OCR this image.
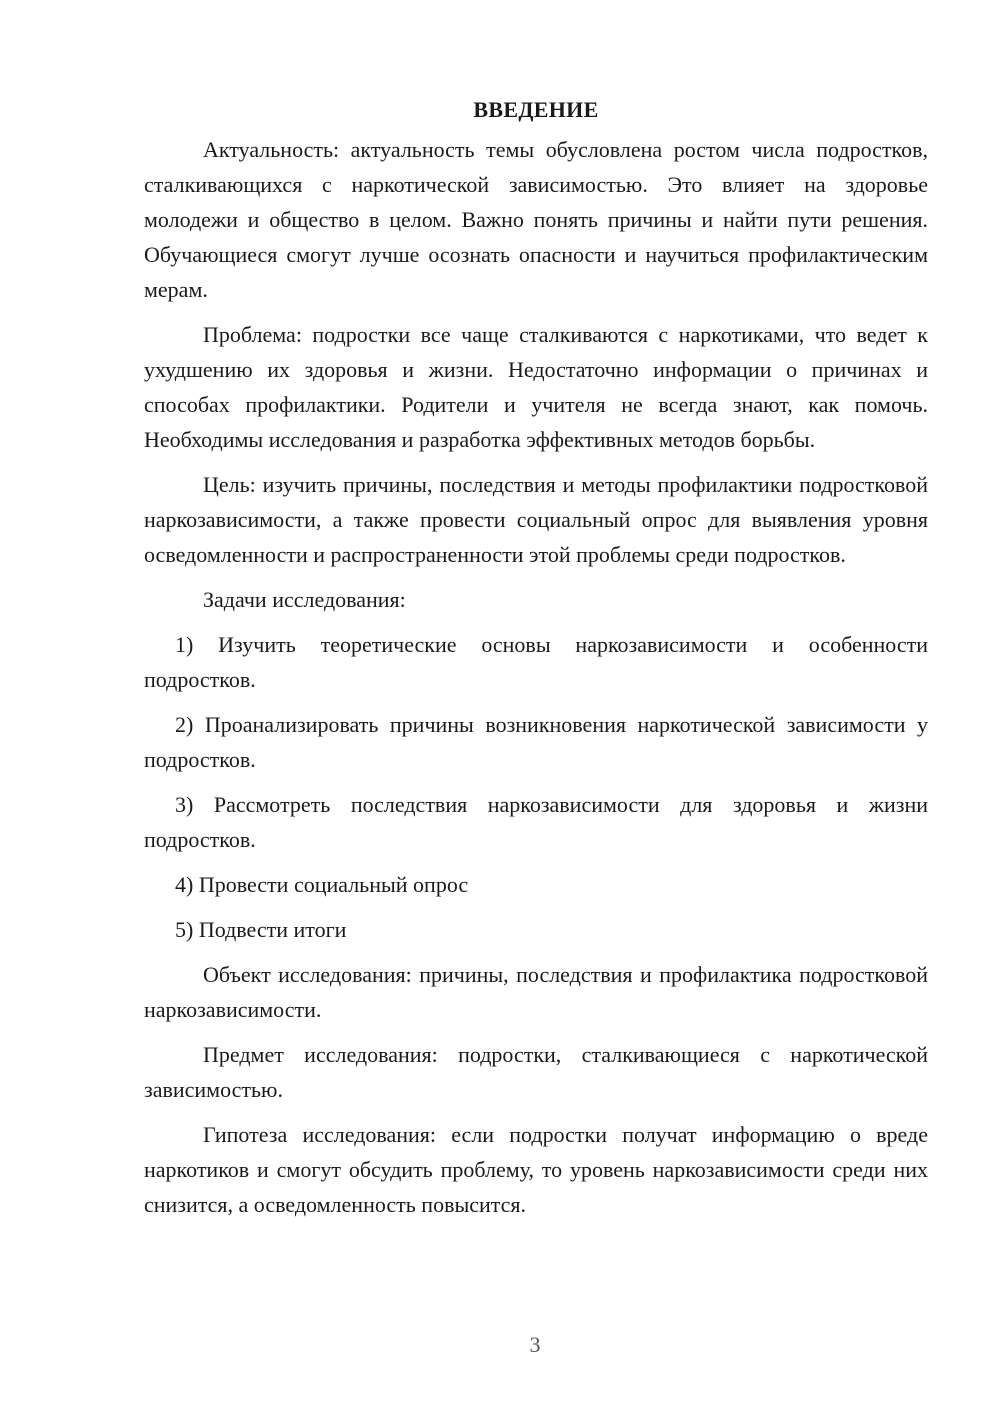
ВВЕДЕНИЕ

Актуальность: актуальность темы обусловлена ростом числа подростков, сталкивающихся с наркотической зависимостью. Это влияет на здоровье молодежи и общество в целом. Важно понять причины и найти пути решения. Обучающиеся смогут лучше осознать опасности и научиться профилактическим мерам.

Проблема: подростки все чаще сталкиваются с наркотиками, что ведет к ухудшению их здоровья и жизни. Недостаточно информации о причинах и способах профилактики. Родители и учителя не всегда знают, как помочь. Необходимы исследования и разработка эффективных методов борьбы.

Цель: изучить причины, последствия и методы профилактики подростковой наркозависимости, а также провести социальный опрос для выявления уровня осведомленности и распространенности этой проблемы среди подростков.

Задачи исследования:

1) Изучить теоретические основы наркозависимости и особенности подростков.

2) Проанализировать причины возникновения наркотической зависимости у подростков.

3) Рассмотреть последствия наркозависимости для здоровья и жизни подростков.

4) Провести социальный опрос

5) Подвести итоги

Объект исследования: причины, последствия и профилактика подростковой наркозависимости.

Предмет исследования: подростки, сталкивающиеся с наркотической зависимостью.

Гипотеза исследования: если подростки получат информацию о вреде наркотиков и смогут обсудить проблему, то уровень наркозависимости среди них снизится, а осведомленность повысится.

3
